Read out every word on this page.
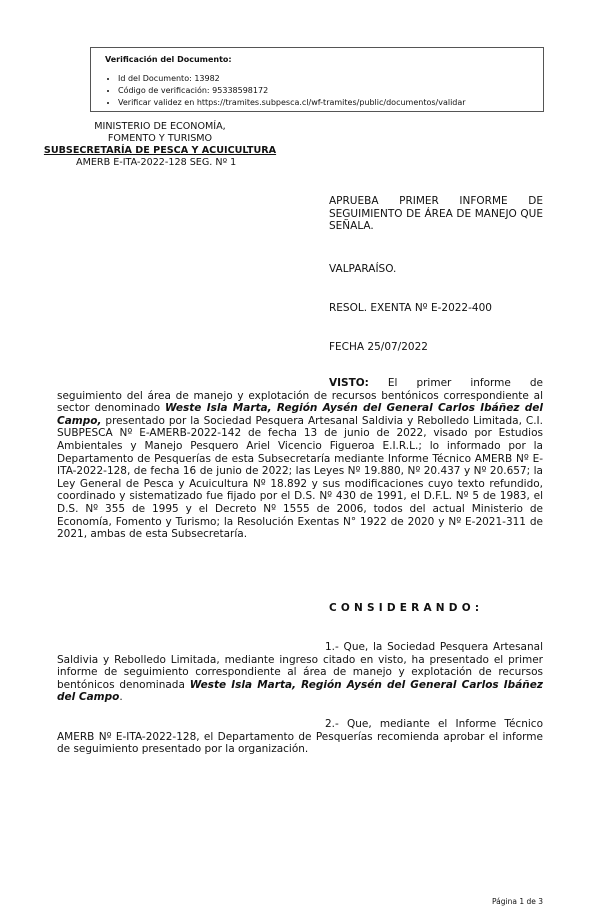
Verificación del Documento:
• Id del Documento: 13982
• Código de verificación: 95338598172
• Verificar validez en https://tramites.subpesca.cl/wf-tramites/public/documentos/validar
MINISTERIO DE ECONOMÍA,
FOMENTO Y TURISMO
SUBSECRETARÍA DE PESCA Y ACUICULTURA
AMERB E-ITA-2022-128 SEG. Nº 1
APRUEBA PRIMER INFORME DE SEGUIMIENTO DE ÁREA DE MANEJO QUE SEÑALA.
VALPARAÍSO.
RESOL. EXENTA Nº E-2022-400
FECHA 25/07/2022
VISTO: El primer informe de seguimiento del área de manejo y explotación de recursos bentónicos correspondiente al sector denominado Weste Isla Marta, Región Aysén del General Carlos Ibáñez del Campo, presentado por la Sociedad Pesquera Artesanal Saldivia y Rebolledo Limitada, C.I. SUBPESCA Nº E-AMERB-2022-142 de fecha 13 de junio de 2022, visado por Estudios Ambientales y Manejo Pesquero Ariel Vicencio Figueroa E.I.R.L.; lo informado por la Departamento de Pesquerías de esta Subsecretaría mediante Informe Técnico AMERB Nº E-ITA-2022-128, de fecha 16 de junio de 2022; las Leyes Nº 19.880, Nº 20.437 y Nº 20.657; la Ley General de Pesca y Acuicultura Nº 18.892 y sus modificaciones cuyo texto refundido, coordinado y sistematizado fue fijado por el D.S. Nº 430 de 1991, el D.F.L. Nº 5 de 1983, el D.S. Nº 355 de 1995 y el Decreto Nº 1555 de 2006, todos del actual Ministerio de Economía, Fomento y Turismo; la Resolución Exentas N° 1922 de 2020 y Nº E-2021-311 de 2021, ambas de esta Subsecretaría.
CONSIDERANDO:
1.- Que, la Sociedad Pesquera Artesanal Saldivia y Rebolledo Limitada, mediante ingreso citado en visto, ha presentado el primer informe de seguimiento correspondiente al área de manejo y explotación de recursos bentónicos denominada Weste Isla Marta, Región Aysén del General Carlos Ibáñez del Campo.
2.- Que, mediante el Informe Técnico AMERB Nº E-ITA-2022-128, el Departamento de Pesquerías recomienda aprobar el informe de seguimiento presentado por la organización.
Página 1 de 3
